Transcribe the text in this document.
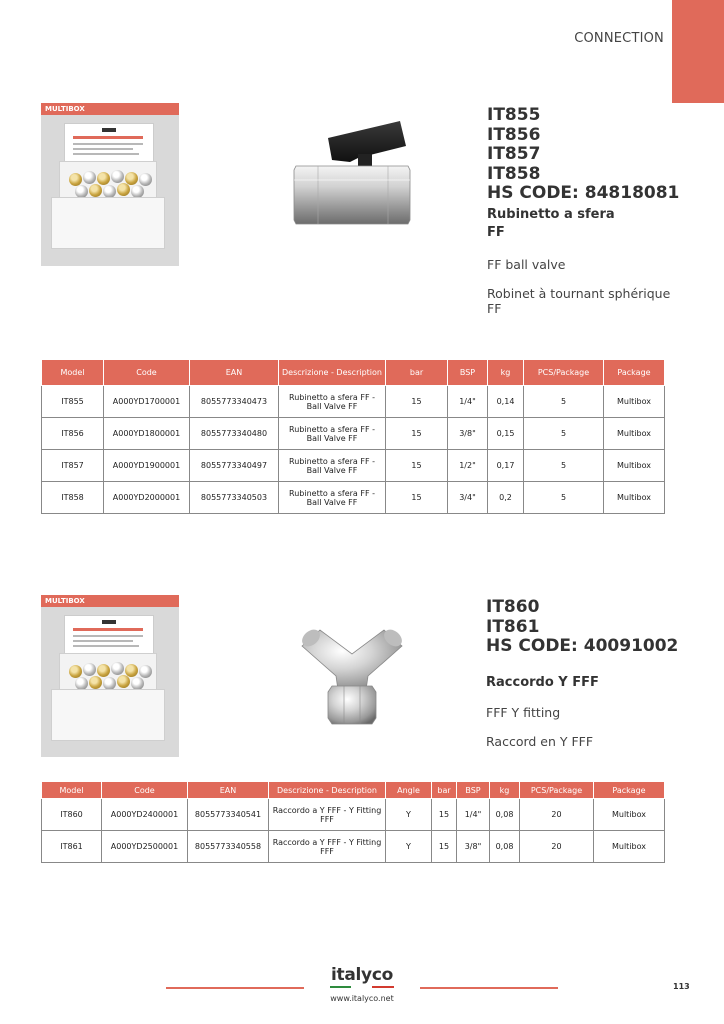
CONNECTION
MULTIBOX	IT855
IT856
IT857
IT858
HS CODE: 84818081
Rubinetto a sfera
FF
FF ball valve
Robinet à tournant sphérique
FF
Model	Code	EAN	Descrizione - Description	bar	BSP	kg	PCS/Package	Package
IT855	A000YD1700001	8055773340473	Rubinetto a sfera FF - Ball Valve FF	15	1/4"	0,14	5	Multibox
IT856	A000YD1800001	8055773340480	Rubinetto a sfera FF - Ball Valve FF	15	3/8"	0,15	5	Multibox
IT857	A000YD1900001	8055773340497	Rubinetto a sfera FF - Ball Valve FF	15	1/2"	0,17	5	Multibox
IT858	A000YD2000001	8055773340503	Rubinetto a sfera FF - Ball Valve FF	15	3/4"	0,2	5	Multibox
MULTIBOX	IT860
IT861
HS CODE: 40091002
Raccordo Y FFF
FFF Y fitting
Raccord en Y FFF
Model	Code	EAN	Descrizione - Description	Angle	bar	BSP	kg	PCS/Package	Package
IT860	A000YD2400001	8055773340541	Raccordo a Y FFF - Y Fitting FFF	Y	15	1/4"	0,08	20	Multibox
IT861	A000YD2500001	8055773340558	Raccordo a Y FFF - Y Fitting FFF	Y	15	3/8"	0,08	20	Multibox
italyco
www.italyco.net
113
